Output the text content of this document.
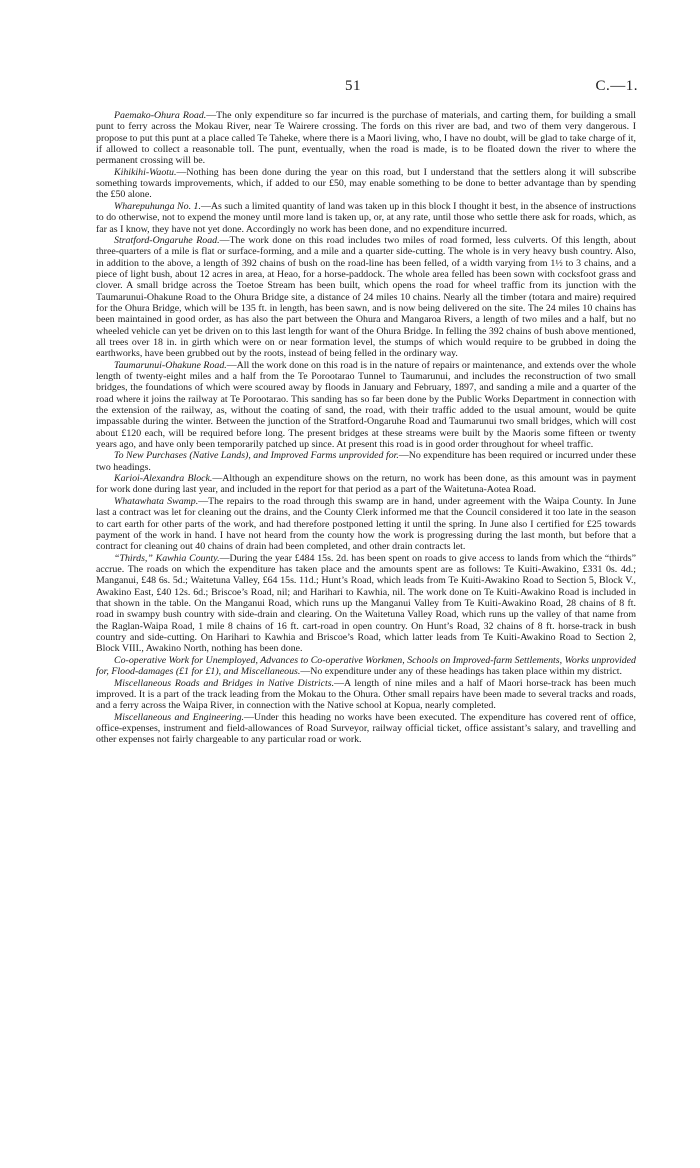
51	C.—1.

Paemako-Ohura Road.—The only expenditure so far incurred is the purchase of materials, and carting them, for building a small punt to ferry across the Mokau River, near Te Wairere crossing. The fords on this river are bad, and two of them very dangerous. I propose to put this punt at a place called Te Taheke, where there is a Maori living, who, I have no doubt, will be glad to take charge of it, if allowed to collect a reasonable toll. The punt, eventually, when the road is made, is to be floated down the river to where the permanent crossing will be.

Kihikihi-Waotu.—Nothing has been done during the year on this road, but I understand that the settlers along it will subscribe something towards improvements, which, if added to our £50, may enable something to be done to better advantage than by spending the £50 alone.

Wharepuhunga No. 1.—As such a limited quantity of land was taken up in this block I thought it best, in the absence of instructions to do otherwise, not to expend the money until more land is taken up, or, at any rate, until those who settle there ask for roads, which, as far as I know, they have not yet done. Accordingly no work has been done, and no expenditure incurred.

Stratford-Ongaruhe Road.—The work done on this road includes two miles of road formed, less culverts. Of this length, about three-quarters of a mile is flat or surface-forming, and a mile and a quarter side-cutting. The whole is in very heavy bush country. Also, in addition to the above, a length of 392 chains of bush on the road-line has been felled, of a width varying from 1½ to 3 chains, and a piece of light bush, about 12 acres in area, at Heao, for a horse-paddock. The whole area felled has been sown with cocksfoot grass and clover. A small bridge across the Toetoe Stream has been built, which opens the road for wheel traffic from its junction with the Taumarunui-Ohakune Road to the Ohura Bridge site, a distance of 24 miles 10 chains. Nearly all the timber (totara and maire) required for the Ohura Bridge, which will be 135 ft. in length, has been sawn, and is now being delivered on the site. The 24 miles 10 chains has been maintained in good order, as has also the part between the Ohura and Mangaroa Rivers, a length of two miles and a half, but no wheeled vehicle can yet be driven on to this last length for want of the Ohura Bridge. In felling the 392 chains of bush above mentioned, all trees over 18 in. in girth which were on or near formation level, the stumps of which would require to be grubbed in doing the earthworks, have been grubbed out by the roots, instead of being felled in the ordinary way.

Taumarunui-Ohakune Road.—All the work done on this road is in the nature of repairs or maintenance, and extends over the whole length of twenty-eight miles and a half from the Te Porootarao Tunnel to Taumarunui, and includes the reconstruction of two small bridges, the foundations of which were scoured away by floods in January and February, 1897, and sanding a mile and a quarter of the road where it joins the railway at Te Porootarao. This sanding has so far been done by the Public Works Department in connection with the extension of the railway, as, without the coating of sand, the road, with their traffic added to the usual amount, would be quite impassable during the winter. Between the junction of the Stratford-Ongaruhe Road and Taumarunui two small bridges, which will cost about £120 each, will be required before long. The present bridges at these streams were built by the Maoris some fifteen or twenty years ago, and have only been temporarily patched up since. At present this road is in good order throughout for wheel traffic.

To New Purchases (Native Lands), and Improved Farms unprovided for.—No expenditure has been required or incurred under these two headings.

Karioi-Alexandra Block.—Although an expenditure shows on the return, no work has been done, as this amount was in payment for work done during last year, and included in the report for that period as a part of the Waitetuna-Aotea Road.

Whatawhata Swamp.—The repairs to the road through this swamp are in hand, under agreement with the Waipa County. In June last a contract was let for cleaning out the drains, and the County Clerk informed me that the Council considered it too late in the season to cart earth for other parts of the work, and had therefore postponed letting it until the spring. In June also I certified for £25 towards payment of the work in hand. I have not heard from the county how the work is progressing during the last month, but before that a contract for cleaning out 40 chains of drain had been completed, and other drain contracts let.

“Thirds,” Kawhia County.—During the year £484 15s. 2d. has been spent on roads to give access to lands from which the “thirds” accrue. The roads on which the expenditure has taken place and the amounts spent are as follows: Te Kuiti-Awakino, £331 0s. 4d.; Manganui, £48 6s. 5d.; Waitetuna Valley, £64 15s. 11d.; Hunt’s Road, which leads from Te Kuiti-Awakino Road to Section 5, Block V., Awakino East, £40 12s. 6d.; Briscoe’s Road, nil; and Harihari to Kawhia, nil. The work done on Te Kuiti-Awakino Road is included in that shown in the table. On the Manganui Road, which runs up the Manganui Valley from Te Kuiti-Awakino Road, 28 chains of 8 ft. road in swampy bush country with side-drain and clearing. On the Waitetuna Valley Road, which runs up the valley of that name from the Raglan-Waipa Road, 1 mile 8 chains of 16 ft. cart-road in open country. On Hunt’s Road, 32 chains of 8 ft. horse-track in bush country and side-cutting. On Harihari to Kawhia and Briscoe’s Road, which latter leads from Te Kuiti-Awakino Road to Section 2, Block VIII., Awakino North, nothing has been done.

Co-operative Work for Unemployed, Advances to Co-operative Workmen, Schools on Improved-farm Settlements, Works unprovided for, Flood-damages (£1 for £1), and Miscellaneous.—No expenditure under any of these headings has taken place within my district.

Miscellaneous Roads and Bridges in Native Districts.—A length of nine miles and a half of Maori horse-track has been much improved. It is a part of the track leading from the Mokau to the Ohura. Other small repairs have been made to several tracks and roads, and a ferry across the Waipa River, in connection with the Native school at Kopua, nearly completed.

Miscellaneous and Engineering.—Under this heading no works have been executed. The expenditure has covered rent of office, office-expenses, instrument and field-allowances of Road Surveyor, railway official ticket, office assistant’s salary, and travelling and other expenses not fairly chargeable to any particular road or work.
